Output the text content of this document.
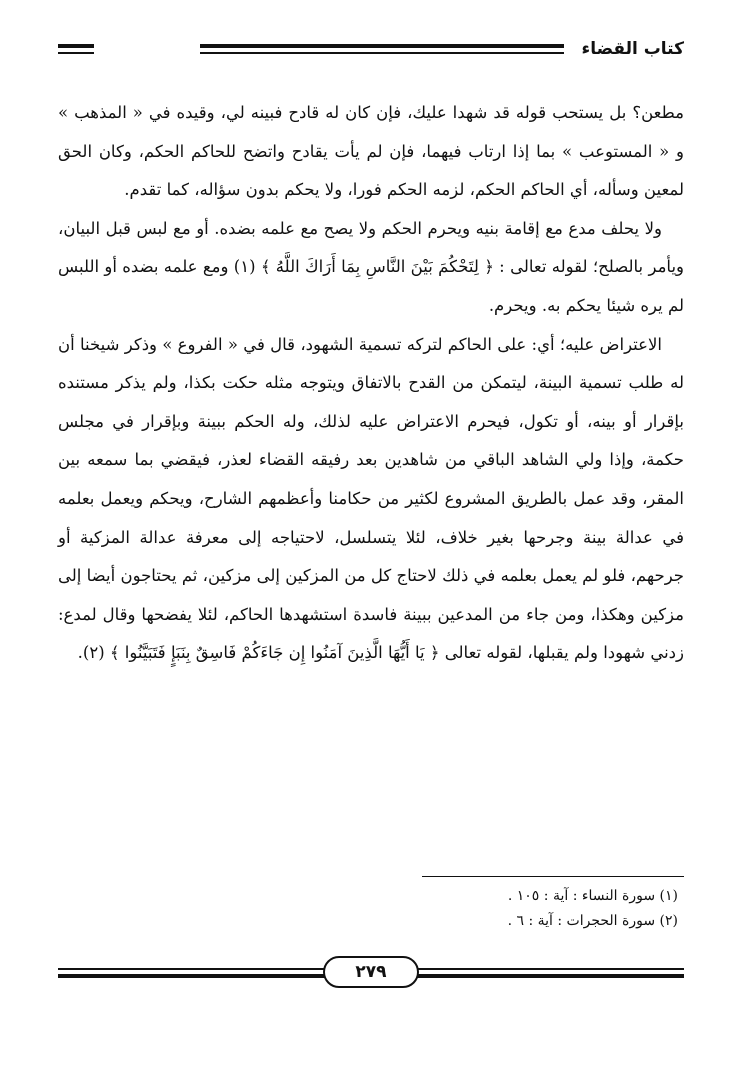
كتاب القضاء

مطعن؟ بل يستحب قوله قد شهدا عليك، فإن كان له قادح فبينه لي، وقيده في « المذهب » و « المستوعب » بما إذا ارتاب فيهما، فإن لم يأت يقادح واتضح للحاكم الحكم، وكان الحق لمعين وسأله، أي الحاكم الحكم، لزمه الحكم فورا، ولا يحكم بدون سؤاله، كما تقدم.

ولا يحلف مدع مع إقامة بنيه ويحرم الحكم ولا يصح مع علمه بضده. أو مع لبس قبل البيان، ويأمر بالصلح؛ لقوله تعالى : ﴿ لِتَحْكُمَ بَيْنَ النَّاسِ بِمَا أَرَاكَ اللَّهُ ﴾ (١) ومع علمه بضده أو اللبس لم يره شيئا يحكم به. ويحرم.

الاعتراض عليه؛ أي: على الحاكم لتركه تسمية الشهود، قال في « الفروع » وذكر شيخنا أن له طلب تسمية البينة، ليتمكن من القدح بالاتفاق ويتوجه مثله حكت بكذا، ولم يذكر مستنده بإقرار أو بينه، أو تكول، فيحرم الاعتراض عليه لذلك، وله الحكم ببينة وبإقرار في مجلس حكمة، وإذا ولي الشاهد الباقي من شاهدين بعد رفيقه القضاء لعذر، فيقضي بما سمعه بين المقر، وقد عمل بالطريق المشروع لكثير من حكامنا وأعظمهم الشارح، ويحكم ويعمل بعلمه في عدالة بينة وجرحها بغير خلاف، لئلا يتسلسل، لاحتياجه إلى معرفة عدالة المزكية أو جرحهم، فلو لم يعمل بعلمه في ذلك لاحتاج كل من المزكين إلى مزكين، ثم يحتاجون أيضا إلى مزكين وهكذا، ومن جاء من المدعين ببينة فاسدة استشهدها الحاكم، لئلا يفضحها وقال لمدع: زدني شهودا ولم يقبلها، لقوله تعالى ﴿ يَا أَيُّهَا الَّذِينَ آمَنُوا إِن جَاءَكُمْ فَاسِقٌ بِنَبَإٍ فَتَبَيَّنُوا ﴾ (٢).

(١) سورة النساء : آية : ١٠٥ .
(٢) سورة الحجرات : آية : ٦ .
٢٧٩
